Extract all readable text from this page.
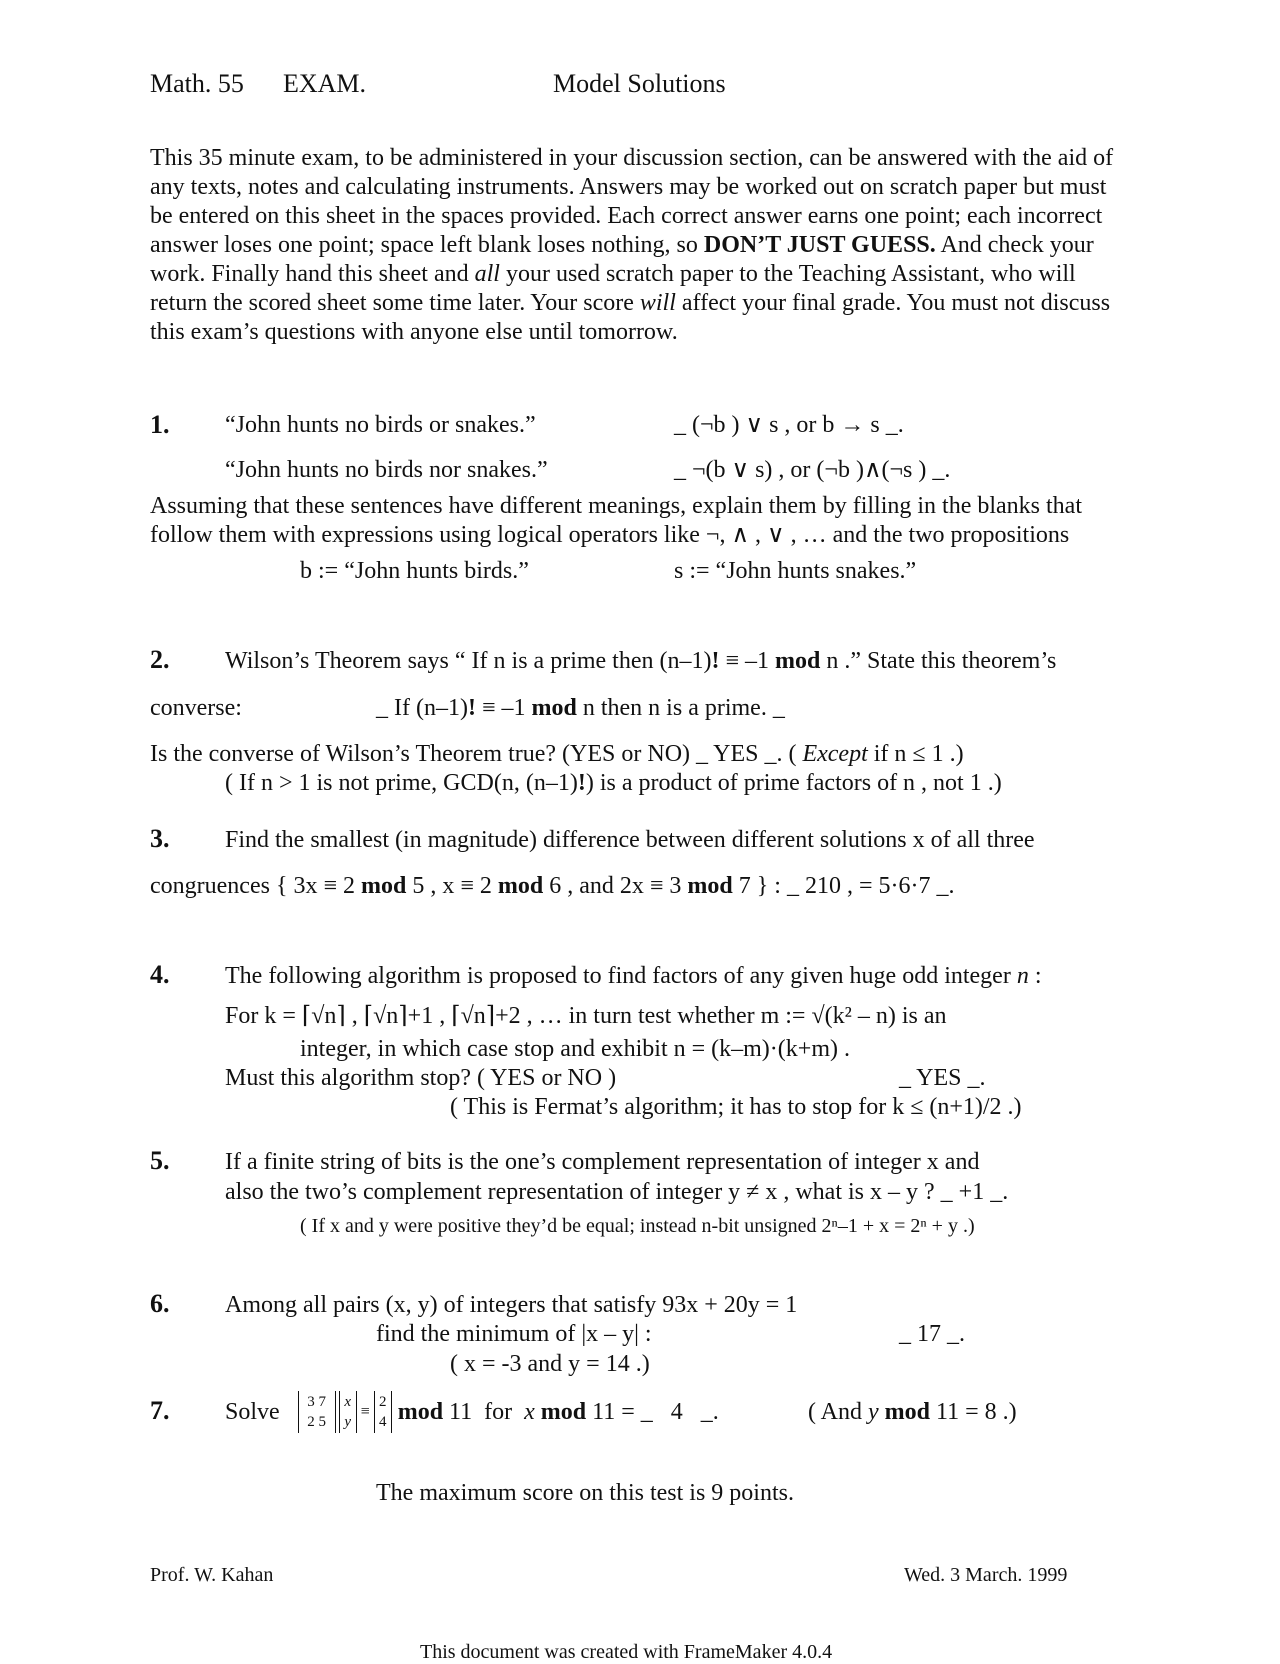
Math. 55 EXAM.	Model Solutions
This 35 minute exam, to be administered in your discussion section, can be answered with the aid of any texts, notes and calculating instruments. Answers may be worked out on scratch paper but must be entered on this sheet in the spaces provided. Each correct answer earns one point; each incorrect answer loses one point; space left blank loses nothing, so DON’T JUST GUESS. And check your work. Finally hand this sheet and all your used scratch paper to the Teaching Assistant, who will return the scored sheet some time later. Your score will affect your final grade. You must not discuss this exam’s questions with anyone else until tomorrow.
1. “John hunts no birds or snakes.”	_ (¬b ) ∨ s , or b → s _.
“John hunts no birds nor snakes.”	_ ¬(b ∨ s) , or (¬b )∧(¬s ) _.
Assuming that these sentences have different meanings, explain them by filling in the blanks that
follow them with expressions using logical operators like ¬, ∧ , ∨ , … and the two propositions
b := “John hunts birds.”	s := “John hunts snakes.”
2. Wilson’s Theorem says “ If n is a prime then (n–1)! ≡ –1 mod n .” State this theorem’s
converse:	_ If (n–1)! ≡ –1 mod n then n is a prime. _
Is the converse of Wilson’s Theorem true? (YES or NO) _ YES _. ( Except if n ≤ 1 .)
( If n > 1 is not prime, GCD(n, (n–1)!) is a product of prime factors of n , not 1 .)
3. Find the smallest (in magnitude) difference between different solutions x of all three
congruences { 3x ≡ 2 mod 5 , x ≡ 2 mod 6 , and 2x ≡ 3 mod 7 } : _ 210 , = 5·6·7 _.
4. The following algorithm is proposed to find factors of any given huge odd integer n :
For k = ⌈√n⌉ , ⌈√n⌉+1 , ⌈√n⌉+2 , … in turn test whether m := √(k² – n) is an
integer, in which case stop and exhibit n = (k–m)·(k+m) .
Must this algorithm stop? ( YES or NO )	_ YES _.
( This is Fermat’s algorithm; it has to stop for k ≤ (n+1)/2 .)
5. If a finite string of bits is the one’s complement representation of integer x and
also the two’s complement representation of integer y ≠ x , what is x – y ? _ +1 _.
( If x and y were positive they’d be equal; instead n-bit unsigned 2ⁿ–1 + x = 2ⁿ + y .)
6. Among all pairs (x, y) of integers that satisfy 93x + 20y = 1
find the minimum of |x – y| :	_ 17 _.
( x = -3 and y = 14 .)
7. Solve	3 7
2 5
x
y
≡
2
4 mod 11  for x
mod 11 = _   4   _.	( And y mod 11 = 8 .)
The maximum score on this test is 9 points.
Prof. W. Kahan	Wed. 3 March. 1999
This document was created with FrameMaker 4.0.4
